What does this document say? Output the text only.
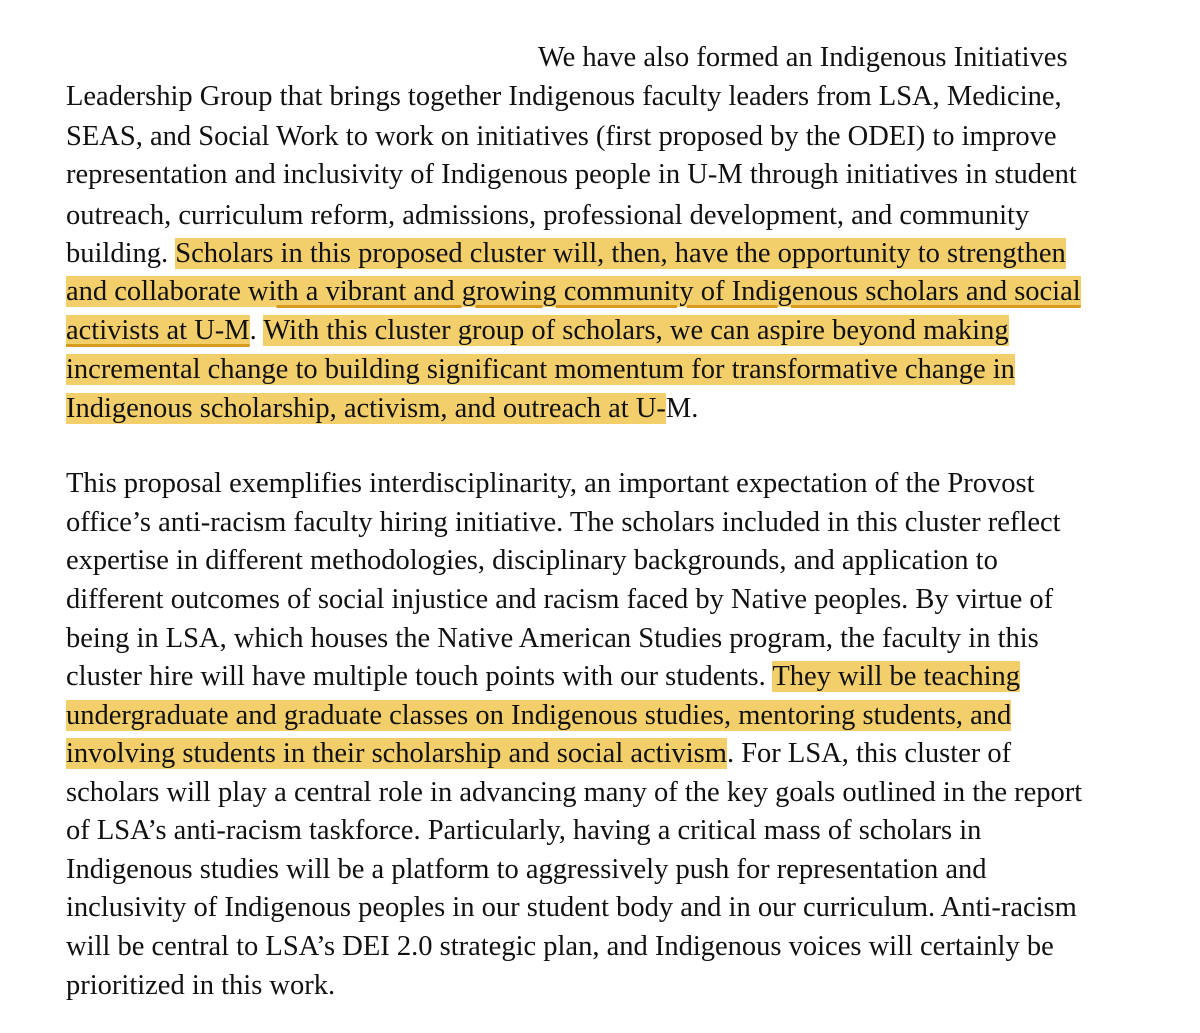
We have also formed an Indigenous Initiatives

Leadership Group that brings together Indigenous faculty leaders from LSA, Medicine,

SEAS, and Social Work to work on initiatives (first proposed by the ODEI) to improve

representation and inclusivity of Indigenous people in U-M through initiatives in student

outreach, curriculum reform, admissions, professional development, and community

building. Scholars in this proposed cluster will, then, have the opportunity to strengthen

and collaborate with a vibrant and growing community of Indigenous scholars and social

activists at U-M. With this cluster group of scholars, we can aspire beyond making

incremental change to building significant momentum for transformative change in

Indigenous scholarship, activism, and outreach at U-M.

This proposal exemplifies interdisciplinarity, an important expectation of the Provost

office’s anti-racism faculty hiring initiative. The scholars included in this cluster reflect

expertise in different methodologies, disciplinary backgrounds, and application to

different outcomes of social injustice and racism faced by Native peoples. By virtue of

being in LSA, which houses the Native American Studies program, the faculty in this

cluster hire will have multiple touch points with our students. They will be teaching

undergraduate and graduate classes on Indigenous studies, mentoring students, and

involving students in their scholarship and social activism. For LSA, this cluster of

scholars will play a central role in advancing many of the key goals outlined in the report

of LSA’s anti-racism taskforce. Particularly, having a critical mass of scholars in

Indigenous studies will be a platform to aggressively push for representation and

inclusivity of Indigenous peoples in our student body and in our curriculum. Anti-racism

will be central to LSA’s DEI 2.0 strategic plan, and Indigenous voices will certainly be

prioritized in this work.
